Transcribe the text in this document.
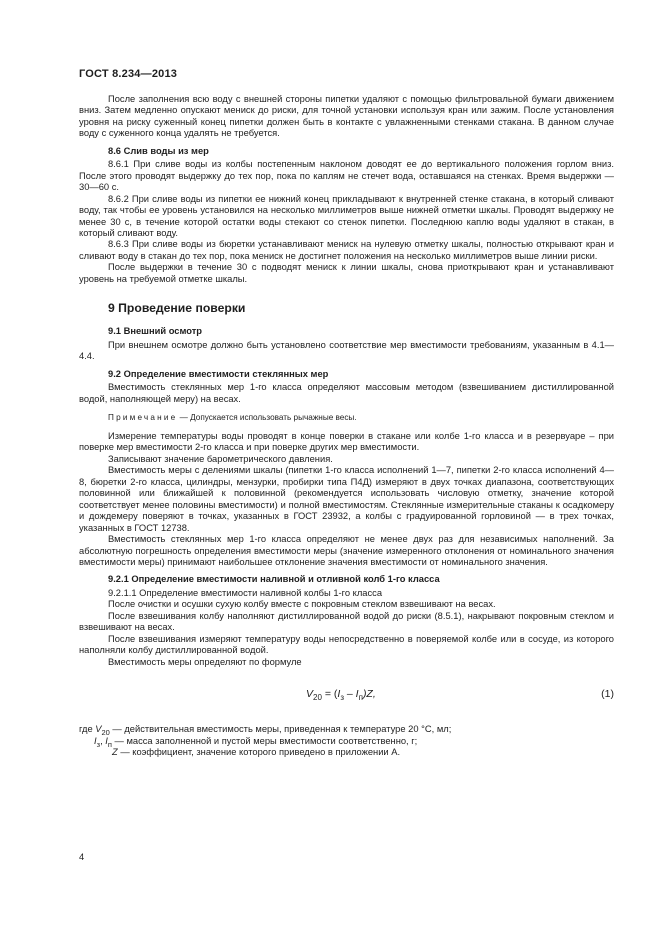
ГОСТ 8.234—2013

После заполнения всю воду с внешней стороны пипетки удаляют с помощью фильтровальной бумаги движением вниз. Затем медленно опускают мениск до риски, для точной установки используя кран или зажим. После установления уровня на риску суженный конец пипетки должен быть в контакте с увлажненными стенками стакана. В данном случае воду с суженного конца удалять не требуется.

8.6 Слив воды из мер

8.6.1 При сливе воды из колбы постепенным наклоном доводят ее до вертикального положения горлом вниз. После этого проводят выдержку до тех пор, пока по каплям не стечет вода, оставшаяся на стенках. Время выдержки — 30—60 с.

8.6.2 При сливе воды из пипетки ее нижний конец прикладывают к внутренней стенке стакана, в который сливают воду, так чтобы ее уровень установился на несколько миллиметров выше нижней отметки шкалы. Проводят выдержку не менее 30 с, в течение которой остатки воды стекают со стенок пипетки. Последнюю каплю воды удаляют в стакан, в который сливают воду.

8.6.3 При сливе воды из бюретки устанавливают мениск на нулевую отметку шкалы, полностью открывают кран и сливают воду в стакан до тех пор, пока мениск не достигнет положения на несколько миллиметров выше линии риски.

После выдержки в течение 30 с подводят мениск к линии шкалы, снова приоткрывают кран и устанавливают уровень на требуемой отметке шкалы.

9 Проведение поверки
9.1 Внешний осмотр

При внешнем осмотре должно быть установлено соответствие мер вместимости требованиям, указанным в 4.1—4.4.

9.2 Определение вместимости стеклянных мер

Вместимость стеклянных мер 1-го класса определяют массовым методом (взвешиванием дистиллированной водой, наполняющей меру) на весах.

Примечание — Допускается использовать рычажные весы.

Измерение температуры воды проводят в конце поверки в стакане или колбе 1-го класса и в резервуаре – при поверке мер вместимости 2-го класса и при поверке других мер вместимости.

Записывают значение барометрического давления.

Вместимость меры с делениями шкалы (пипетки 1-го класса исполнений 1—7, пипетки 2-го класса исполнений 4—8, бюретки 2-го класса, цилиндры, мензурки, пробирки типа П4Д) измеряют в двух точках диапазона, соответствующих половинной или ближайшей к половинной (рекомендуется использовать числовую отметку, значение которой соответствует менее половины вместимости) и полной вместимостям. Стеклянные измерительные стаканы к осадкомеру и дождемеру поверяют в точках, указанных в ГОСТ 23932, а колбы с градуированной горловиной — в трех точках, указанных в ГОСТ 12738.

Вместимость стеклянных мер 1-го класса определяют не менее двух раз для независимых наполнений. За абсолютную погрешность определения вместимости меры (значение измеренного отклонения от номинального значения вместимости меры) принимают наибольшее отклонение значения вместимости от номинального значения.

9.2.1 Определение вместимости наливной и отливной колб 1-го класса

9.2.1.1 Определение вместимости наливной колбы 1-го класса

После очистки и осушки сухую колбу вместе с покровным стеклом взвешивают на весах.

После взвешивания колбу наполняют дистиллированной водой до риски (8.5.1), накрывают покровным стеклом и взвешивают на весах.

После взвешивания измеряют температуру воды непосредственно в поверяемой колбе или в сосуде, из которого наполняли колбу дистиллированной водой.

Вместимость меры определяют по формуле

$V_{20} = (I_з - I_п)Z$,	(1)
где $V_{20}$ — действительная вместимость меры, приведенная к температуре 20 °С, мл;
$I_з$, $I_п$ — масса заполненной и пустой меры вместимости соответственно, г;
Z — коэффициент, значение которого приведено в приложении А.
4
